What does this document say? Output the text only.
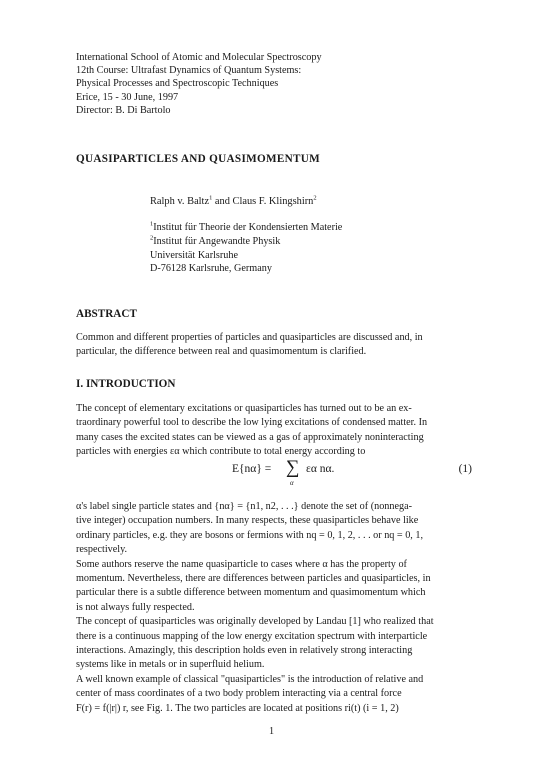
International School of Atomic and Molecular Spectroscopy
12th Course: Ultrafast Dynamics of Quantum Systems:
Physical Processes and Spectroscopic Techniques
Erice, 15 - 30 June, 1997
Director: B. Di Bartolo
QUASIPARTICLES AND QUASIMOMENTUM
Ralph v. Baltz$^1$ and Claus F. Klingshirn$^2$
$^1$Institut für Theorie der Kondensierten Materie
$^2$Institut für Angewandte Physik
Universität Karlsruhe
D-76128 Karlsruhe, Germany
ABSTRACT
Common and different properties of particles and quasiparticles are discussed and, in
particular, the difference between real and quasimomentum is clarified.
I. INTRODUCTION
The concept of elementary excitations or quasiparticles has turned out to be an ex-
traordinary powerful tool to describe the low lying excitations of condensed matter. In
many cases the excited states can be viewed as a gas of approximately noninteracting
particles with energies εα which contribute to total energy according to
E{nα} = ∑
α
εα nα.	(1)
α's label single particle states and {nα} = {n1, n2, . . .} denote the set of (nonnega-
tive integer) occupation numbers. In many respects, these quasiparticles behave like
ordinary particles, e.g. they are bosons or fermions with nq = 0, 1, 2, . . . or nq = 0, 1,
respectively.
Some authors reserve the name quasiparticle to cases where α has the property of
momentum. Nevertheless, there are differences between particles and quasiparticles, in
particular there is a subtle difference between momentum and quasimomentum which
is not always fully respected.
The concept of quasiparticles was originally developed by Landau [1] who realized that
there is a continuous mapping of the low energy excitation spectrum with interparticle
interactions. Amazingly, this description holds even in relatively strong interacting
systems like in metals or in superfluid helium.
A well known example of classical "quasiparticles" is the introduction of relative and
center of mass coordinates of a two body problem interacting via a central force
F(r) = f(|r|) r, see Fig. 1. The two particles are located at positions ri(t) (i = 1, 2)
1
